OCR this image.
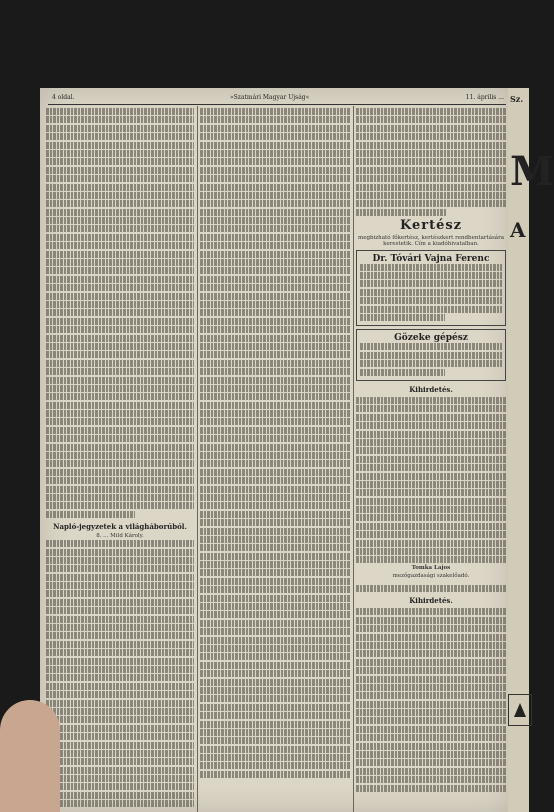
4 oldal.	»Szatmári Magyar Ujság«	11. április ...
Napló-jegyzetek a világháborúból.
8. ... Mild Károly.
Kertész
megbizható főkertész, kertészkert rendbentartására kerestetik. Cím a kiadóhivatalban.
Dr. Tóvári Vajna Ferenc
Gözeke gépész
Kihirdetés.
Tomka Lajos
mezőgazdasági szakelőadó.
Kihirdetés.
Sz.
M
A
